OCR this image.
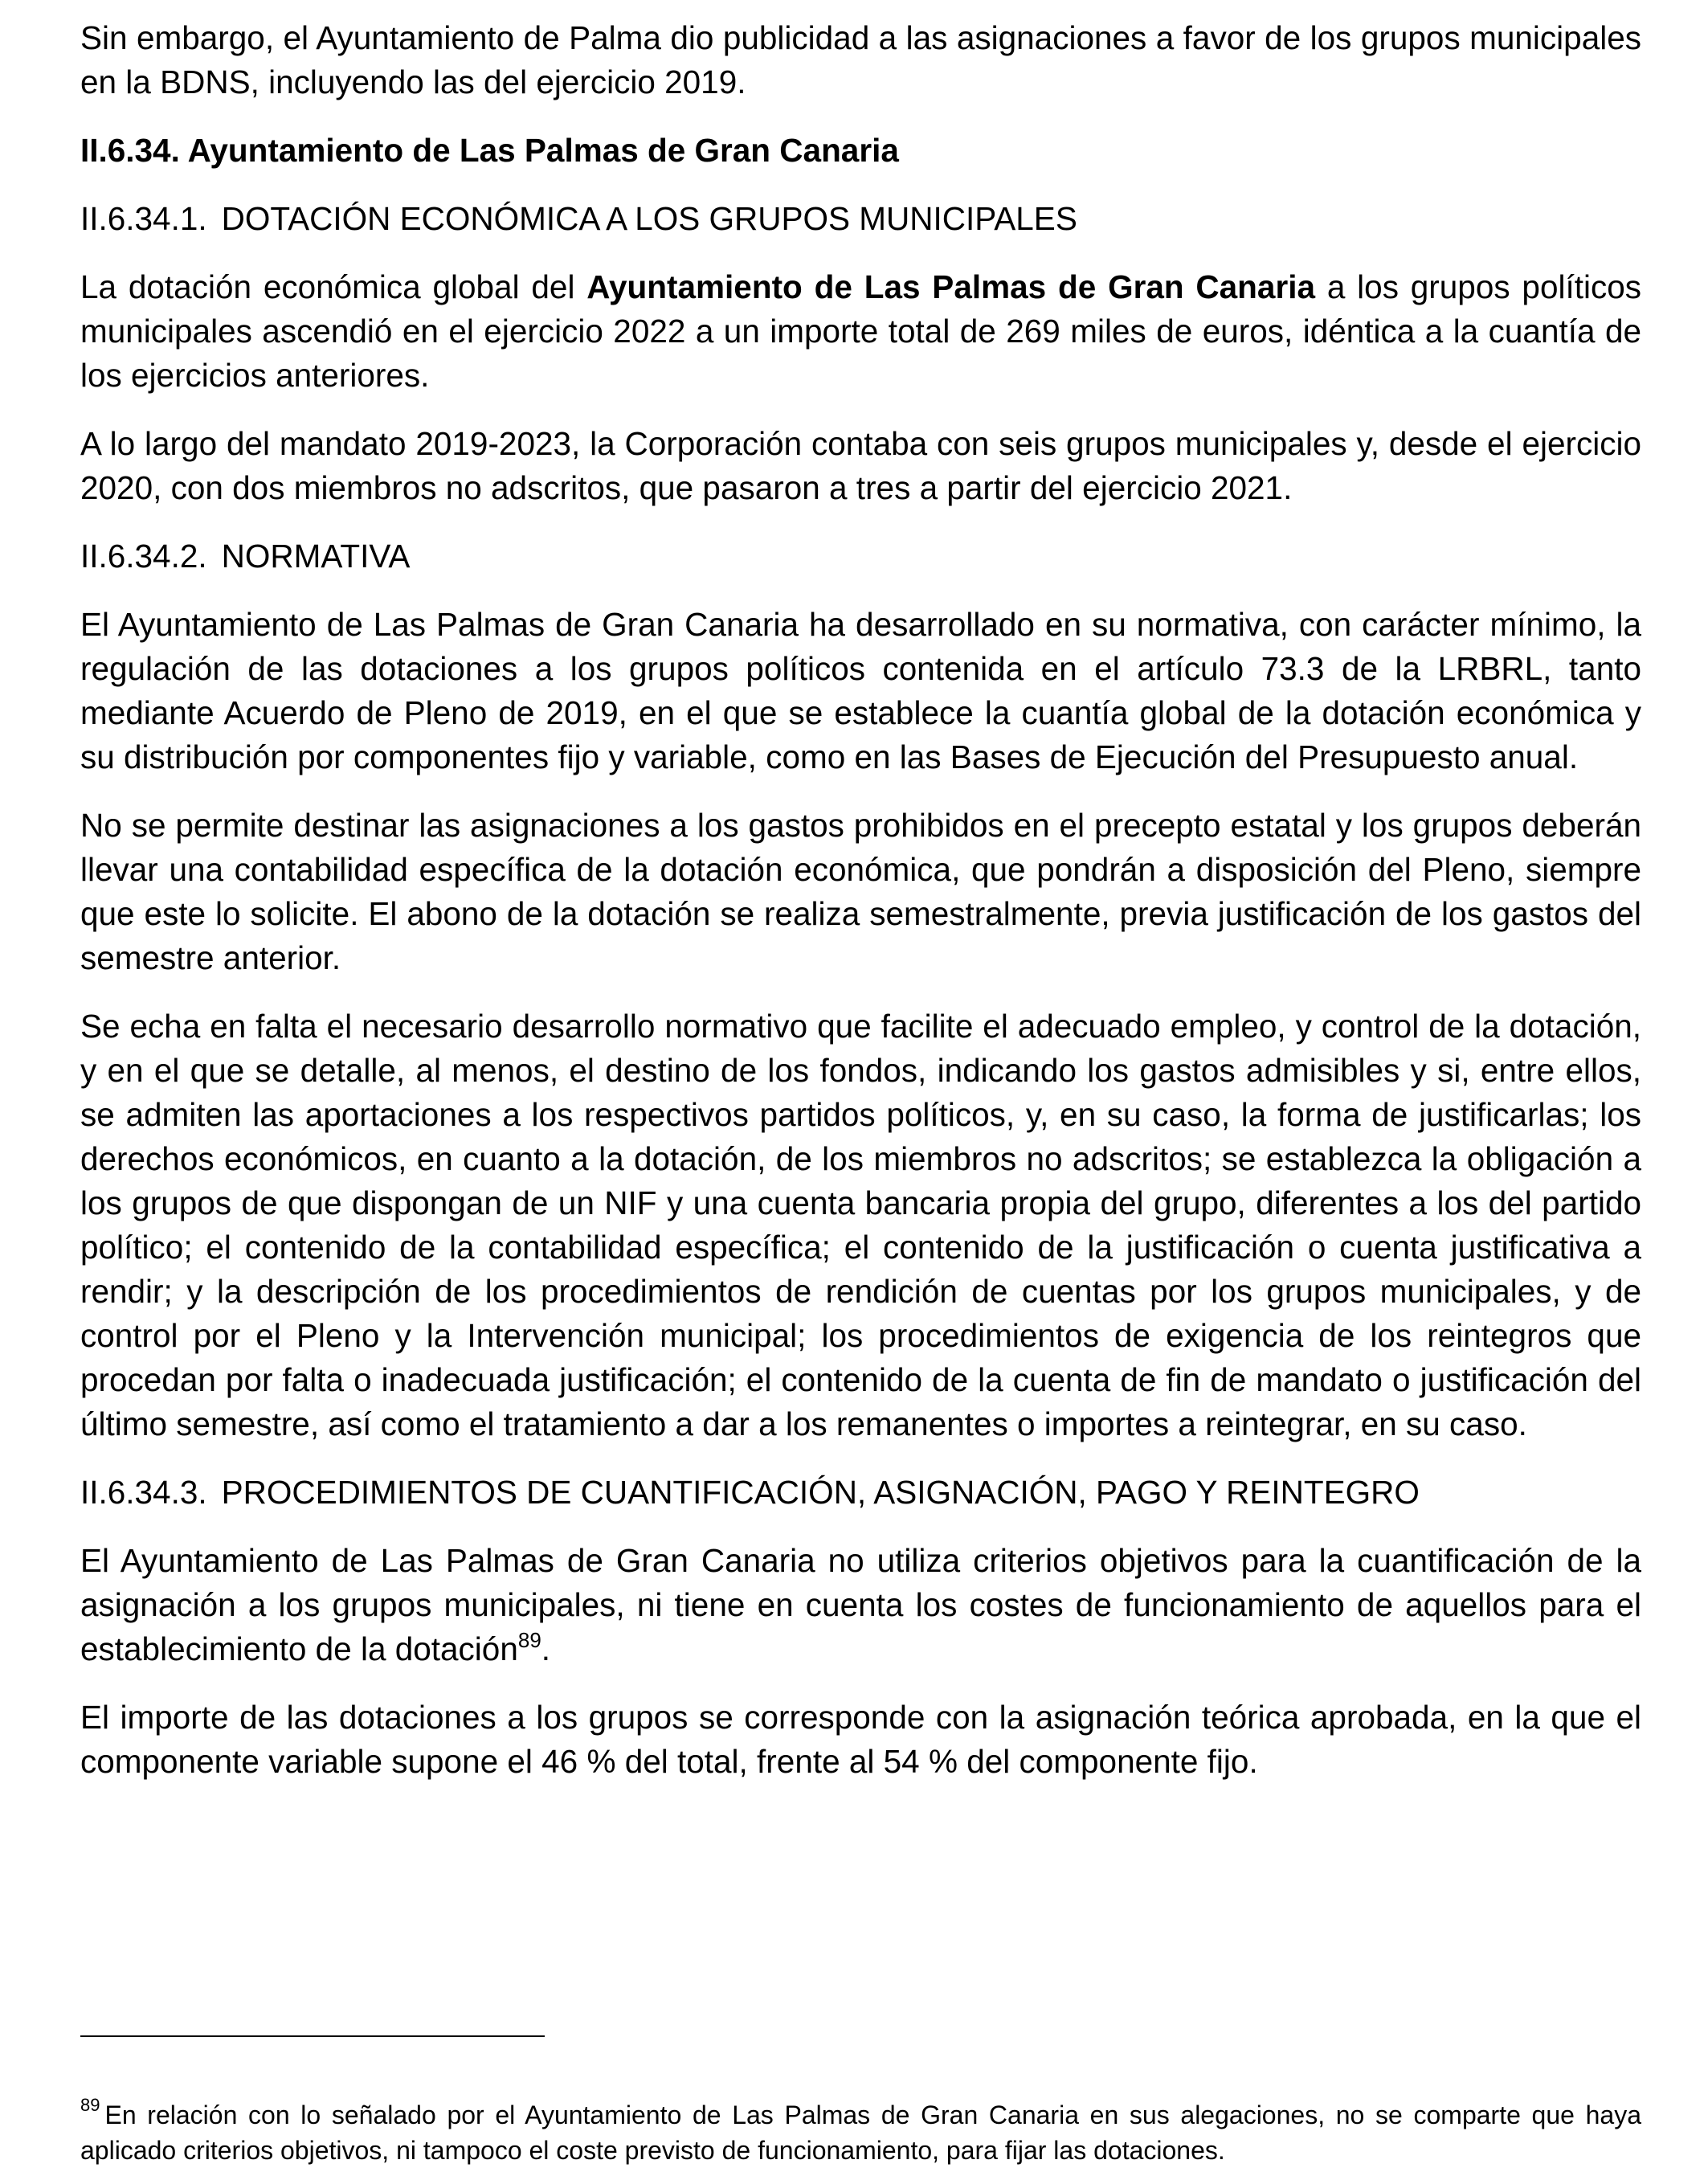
Sin embargo, el Ayuntamiento de Palma dio publicidad a las asignaciones a favor de los grupos municipales en la BDNS, incluyendo las del ejercicio 2019.

II.6.34. Ayuntamiento de Las Palmas de Gran Canaria

II.6.34.1. DOTACIÓN ECONÓMICA A LOS GRUPOS MUNICIPALES

La dotación económica global del Ayuntamiento de Las Palmas de Gran Canaria a los grupos políticos municipales ascendió en el ejercicio 2022 a un importe total de 269 miles de euros, idéntica a la cuantía de los ejercicios anteriores.

A lo largo del mandato 2019-2023, la Corporación contaba con seis grupos municipales y, desde el ejercicio 2020, con dos miembros no adscritos, que pasaron a tres a partir del ejercicio 2021.

II.6.34.2. NORMATIVA

El Ayuntamiento de Las Palmas de Gran Canaria ha desarrollado en su normativa, con carácter mínimo, la regulación de las dotaciones a los grupos políticos contenida en el artículo 73.3 de la LRBRL, tanto mediante Acuerdo de Pleno de 2019, en el que se establece la cuantía global de la dotación económica y su distribución por componentes fijo y variable, como en las Bases de Ejecución del Presupuesto anual.

No se permite destinar las asignaciones a los gastos prohibidos en el precepto estatal y los grupos deberán llevar una contabilidad específica de la dotación económica, que pondrán a disposición del Pleno, siempre que este lo solicite. El abono de la dotación se realiza semestralmente, previa justificación de los gastos del semestre anterior.

Se echa en falta el necesario desarrollo normativo que facilite el adecuado empleo, y control de la dotación, y en el que se detalle, al menos, el destino de los fondos, indicando los gastos admisibles y si, entre ellos, se admiten las aportaciones a los respectivos partidos políticos, y, en su caso, la forma de justificarlas; los derechos económicos, en cuanto a la dotación, de los miembros no adscritos; se establezca la obligación a los grupos de que dispongan de un NIF y una cuenta bancaria propia del grupo, diferentes a los del partido político; el contenido de la contabilidad específica; el contenido de la justificación o cuenta justificativa a rendir; y la descripción de los procedimientos de rendición de cuentas por los grupos municipales, y de control por el Pleno y la Intervención municipal; los procedimientos de exigencia de los reintegros que procedan por falta o inadecuada justificación; el contenido de la cuenta de fin de mandato o justificación del último semestre, así como el tratamiento a dar a los remanentes o importes a reintegrar, en su caso.

II.6.34.3. PROCEDIMIENTOS DE CUANTIFICACIÓN, ASIGNACIÓN, PAGO Y REINTEGRO

El Ayuntamiento de Las Palmas de Gran Canaria no utiliza criterios objetivos para la cuantificación de la asignación a los grupos municipales, ni tiene en cuenta los costes de funcionamiento de aquellos para el establecimiento de la dotación$^{89}$.

El importe de las dotaciones a los grupos se corresponde con la asignación teórica aprobada, en la que el componente variable supone el 46 % del total, frente al 54 % del componente fijo.

$^{89}$ En relación con lo señalado por el Ayuntamiento de Las Palmas de Gran Canaria en sus alegaciones, no se comparte que haya aplicado criterios objetivos, ni tampoco el coste previsto de funcionamiento, para fijar las dotaciones.
